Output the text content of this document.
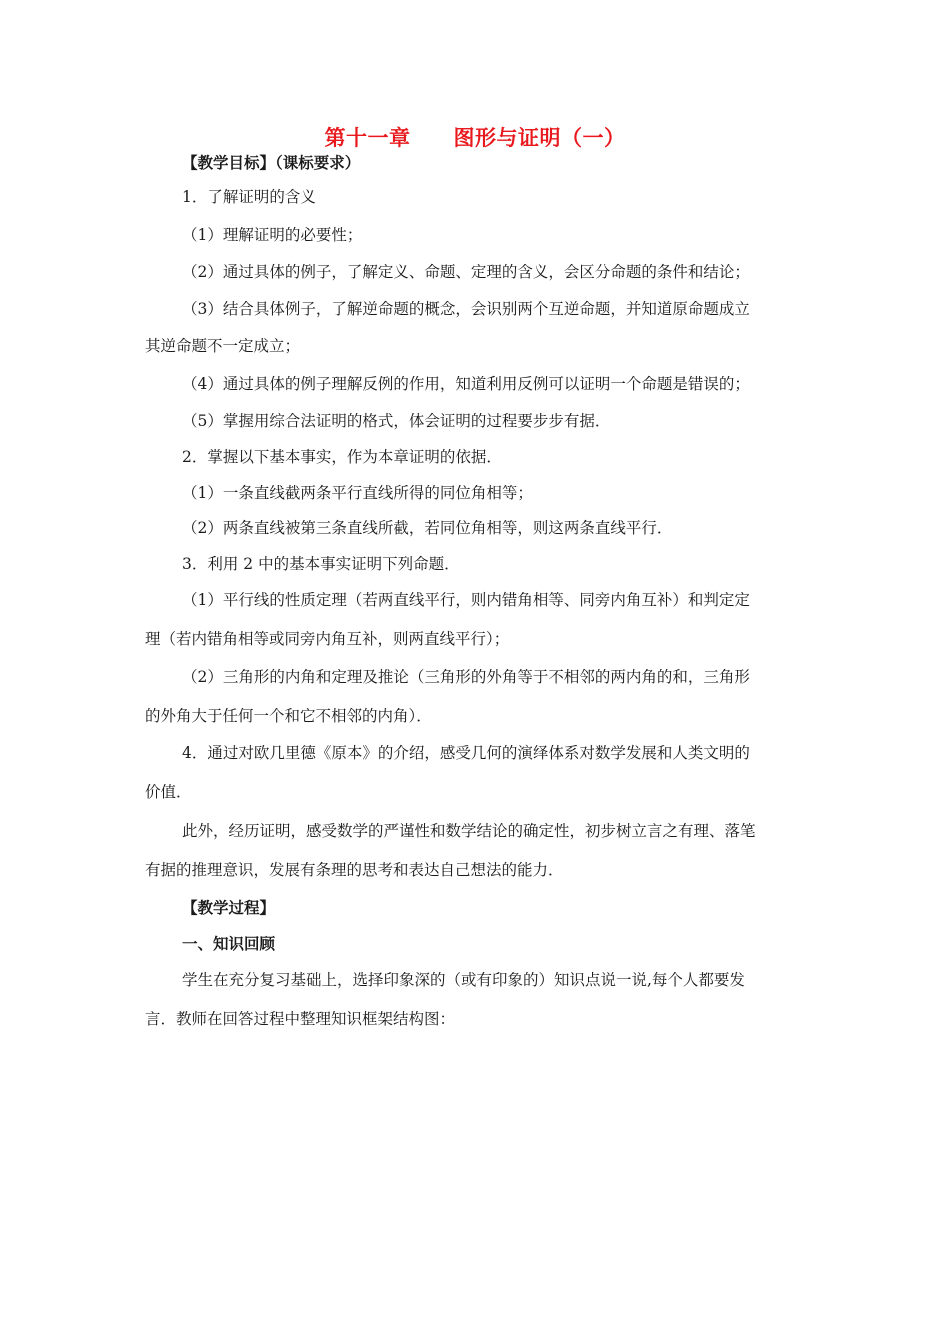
第十一章　　图形与证明（一）
【教学目标】（课标要求）
1．了解证明的含义
（1）理解证明的必要性；
（2）通过具体的例子，了解定义、命题、定理的含义，会区分命题的条件和结论；
（3）结合具体例子，了解逆命题的概念，会识别两个互逆命题，并知道原命题成立
其逆命题不一定成立；
（4）通过具体的例子理解反例的作用，知道利用反例可以证明一个命题是错误的；
（5）掌握用综合法证明的格式，体会证明的过程要步步有据．
2．掌握以下基本事实，作为本章证明的依据．
（1）一条直线截两条平行直线所得的同位角相等；
（2）两条直线被第三条直线所截，若同位角相等，则这两条直线平行．
3．利用 2 中的基本事实证明下列命题．
（1）平行线的性质定理（若两直线平行，则内错角相等、同旁内角互补）和判定定
理（若内错角相等或同旁内角互补，则两直线平行）；
（2）三角形的内角和定理及推论（三角形的外角等于不相邻的两内角的和，三角形
的外角大于任何一个和它不相邻的内角）．
4．通过对欧几里德《原本》的介绍，感受几何的演绎体系对数学发展和人类文明的
价值．
此外，经历证明，感受数学的严谨性和数学结论的确定性，初步树立言之有理、落笔
有据的推理意识，发展有条理的思考和表达自己想法的能力．
【教学过程】
一、知识回顾
学生在充分复习基础上，选择印象深的（或有印象的）知识点说一说,每个人都要发
言．教师在回答过程中整理知识框架结构图：
